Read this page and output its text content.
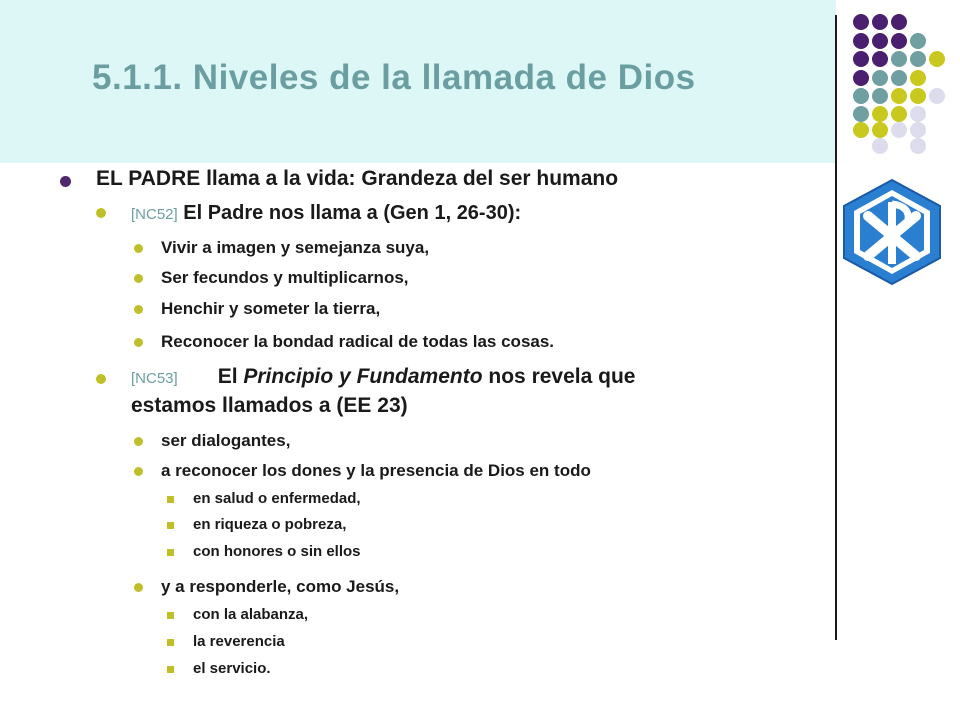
5.1.1. Niveles de la llamada de Dios
EL PADRE llama a la vida: Grandeza del ser humano
[NC52] El Padre nos llama a (Gen 1, 26-30):
Vivir a imagen y semejanza suya,
Ser fecundos y multiplicarnos,
Henchir y someter la tierra,
Reconocer la bondad radical de todas las cosas.
[NC53] El Principio y Fundamento nos revela que
estamos llamados a (EE 23)
ser dialogantes,
a reconocer los dones y la presencia de Dios en todo
en salud o enfermedad,
en riqueza o pobreza,
con honores o sin ellos
y a responderle, como Jesús,
con la alabanza,
la reverencia
el servicio.
